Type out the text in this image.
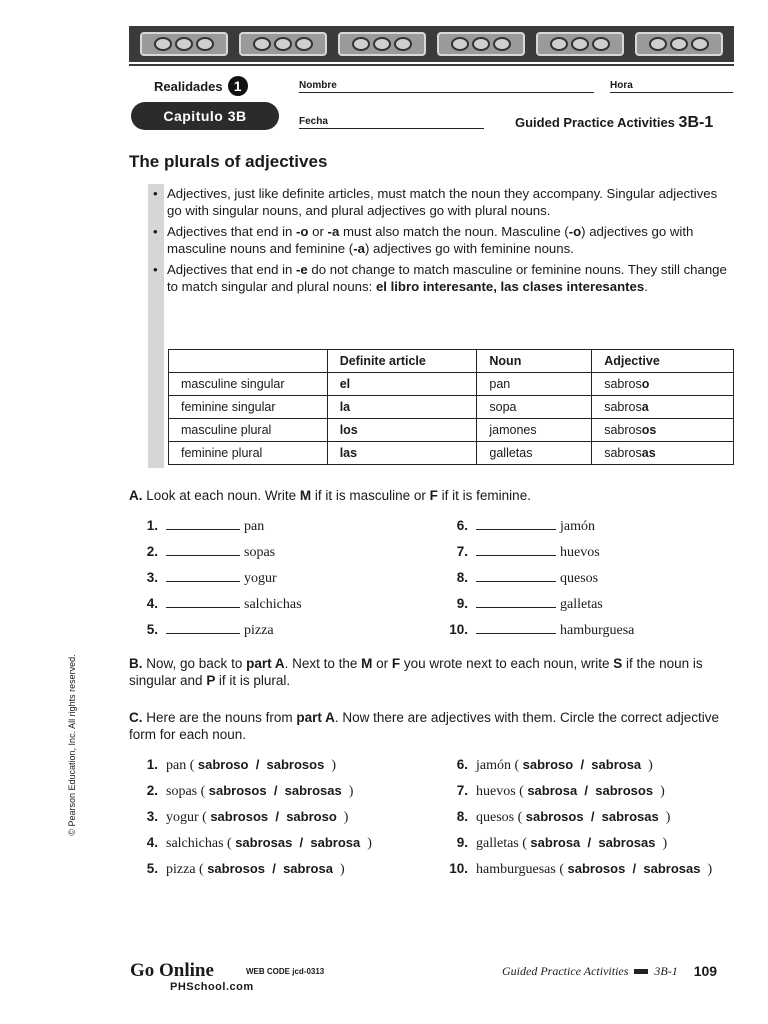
Realidades 1
Capitulo 3B
Nombre	Hora
Fecha	Guided Practice Activities 3B-1
The plurals of adjectives
• Adjectives, just like definite articles, must match the noun they accompany. Singular adjectives go with singular nouns, and plural adjectives go with plural nouns.
• Adjectives that end in -o or -a must also match the noun. Masculine (-o) adjectives go with masculine nouns and feminine (-a) adjectives go with feminine nouns.
• Adjectives that end in -e do not change to match masculine or feminine nouns. They still change to match singular and plural nouns: el libro interesante, las clases interesantes.
	Definite article	Noun	Adjective
masculine singular	el	pan	sabroso
feminine singular	la	sopa	sabrosa
masculine plural	los	jamones	sabrosos
feminine plural	las	galletas	sabrosas
A. Look at each noun. Write M if it is masculine or F if it is feminine.
1.	pan
2.	sopas
3.	yogur
4.	salchichas
5.	pizza
6.	jamón
7.	huevos
8.	quesos
9.	galletas
10.	hamburguesa
B. Now, go back to part A. Next to the M or F you wrote next to each noun, write S if the noun is singular and P if it is plural.
C. Here are the nouns from part A. Now there are adjectives with them. Circle the correct adjective form for each noun.
1. pan ( sabroso / sabrosos )
2. sopas ( sabrosos / sabrosas )
3. yogur ( sabrosos / sabroso )
4. salchichas ( sabrosas / sabrosa )
5. pizza ( sabrosos / sabrosa )
6. jamón ( sabroso / sabrosa )
7. huevos ( sabrosa / sabrosos )
8. quesos ( sabrosos / sabrosas )
9. galletas ( sabrosa / sabrosas )
10. hamburguesas ( sabrosos / sabrosas )
© Pearson Education, Inc. All rights reserved.
Go Online	WEB CODE jcd-0313
PHSchool.com
Guided Practice Activities 3B-1 109
